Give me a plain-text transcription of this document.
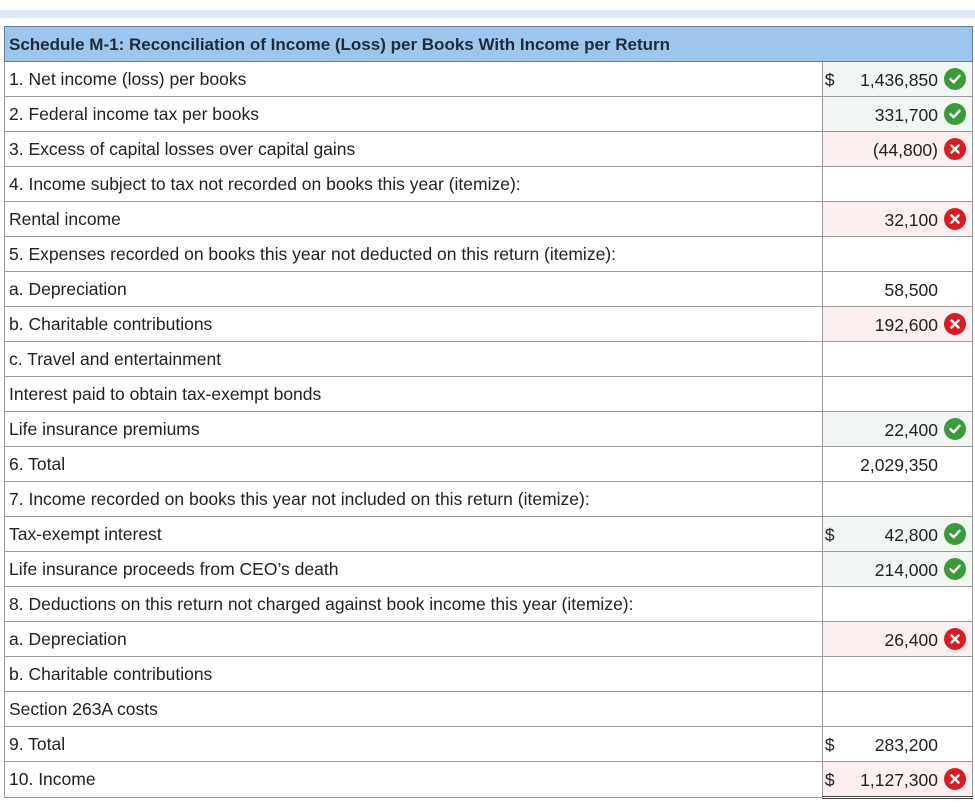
Schedule M-1: Reconciliation of Income (Loss) per Books With Income per Return	

1. Net income (loss) per books	$ 1,436,850

2. Federal income tax per books	331,700

3. Excess of capital losses over capital gains	(44,800)

4. Income subject to tax not recorded on books this year (itemize):	

Rental income	32,100

5. Expenses recorded on books this year not deducted on this return (itemize):	

a. Depreciation	58,500

b. Charitable contributions	192,600

c. Travel and entertainment	

Interest paid to obtain tax-exempt bonds	

Life insurance premiums	22,400

6. Total	2,029,350

7. Income recorded on books this year not included on this return (itemize):	

Tax-exempt interest	$ 42,800

Life insurance proceeds from CEO’s death	214,000

8. Deductions on this return not charged against book income this year (itemize):	

a. Depreciation	26,400

b. Charitable contributions	

Section 263A costs	

9. Total	$ 283,200

10. Income	$ 1,127,300
